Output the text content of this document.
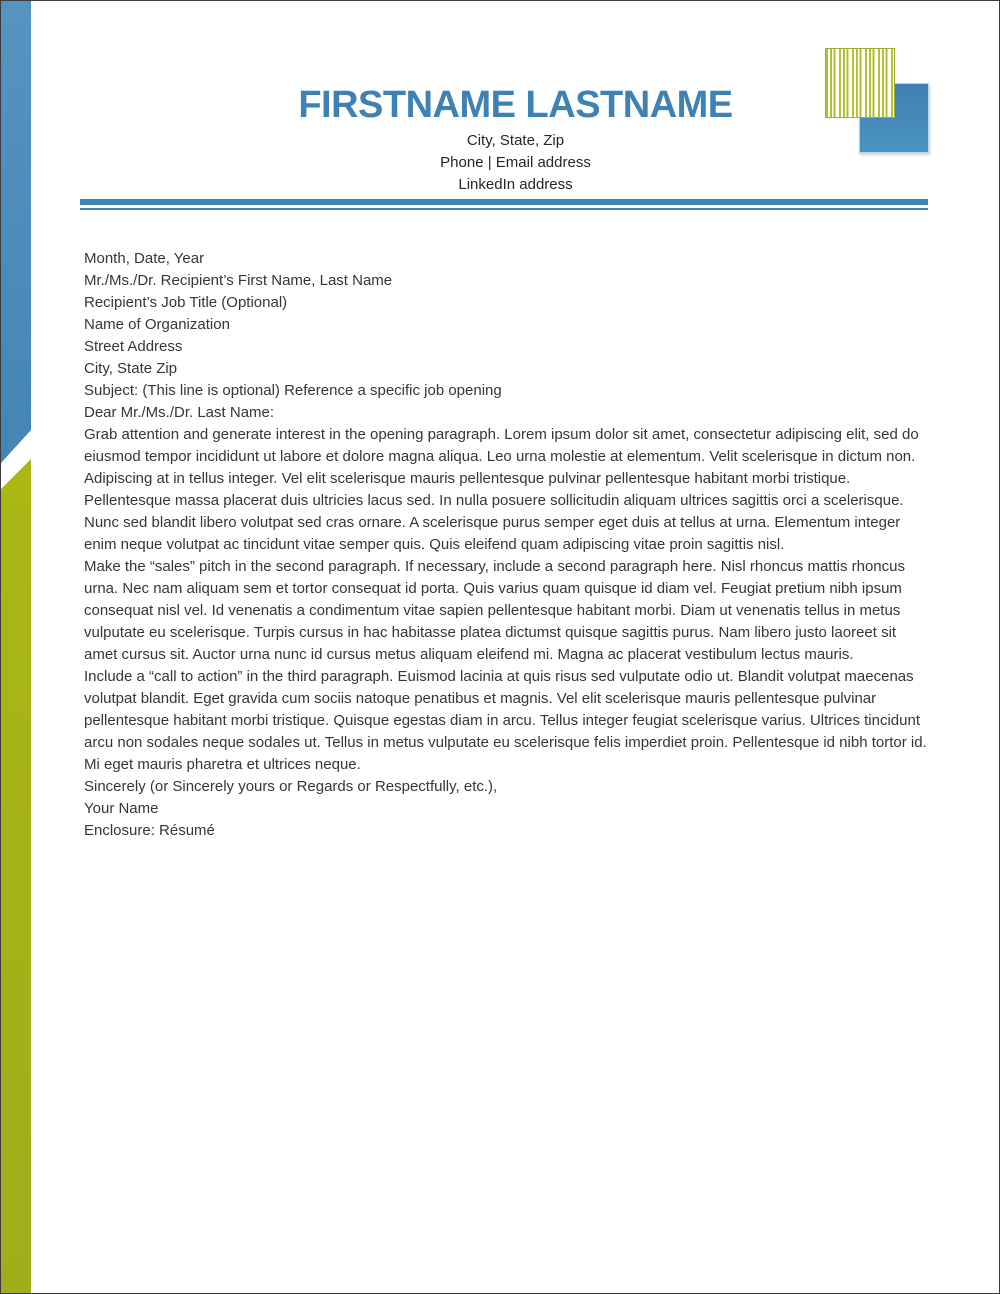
FIRSTNAME LASTNAME
City, State, Zip
Phone | Email address
LinkedIn address

Month, Date, Year

Mr./Ms./Dr. Recipient’s First Name, Last Name

Recipient’s Job Title (Optional)

Name of Organization

Street Address

City, State Zip

Subject: (This line is optional) Reference a specific job opening

Dear Mr./Ms./Dr. Last Name:

Grab attention and generate interest in the opening paragraph. Lorem ipsum dolor sit amet, consectetur adipiscing elit, sed do eiusmod tempor incididunt ut labore et dolore magna aliqua. Leo urna molestie at elementum. Velit scelerisque in dictum non. Adipiscing at in tellus integer. Vel elit scelerisque mauris pellentesque pulvinar pellentesque habitant morbi tristique. Pellentesque massa placerat duis ultricies lacus sed. In nulla posuere sollicitudin aliquam ultrices sagittis orci a scelerisque. Nunc sed blandit libero volutpat sed cras ornare. A scelerisque purus semper eget duis at tellus at urna. Elementum integer enim neque volutpat ac tincidunt vitae semper quis. Quis eleifend quam adipiscing vitae proin sagittis nisl.

Make the “sales” pitch in the second paragraph. If necessary, include a second paragraph here. Nisl rhoncus mattis rhoncus urna. Nec nam aliquam sem et tortor consequat id porta. Quis varius quam quisque id diam vel. Feugiat pretium nibh ipsum consequat nisl vel. Id venenatis a condimentum vitae sapien pellentesque habitant morbi. Diam ut venenatis tellus in metus vulputate eu scelerisque. Turpis cursus in hac habitasse platea dictumst quisque sagittis purus. Nam libero justo laoreet sit amet cursus sit. Auctor urna nunc id cursus metus aliquam eleifend mi. Magna ac placerat vestibulum lectus mauris.

Include a “call to action” in the third paragraph. Euismod lacinia at quis risus sed vulputate odio ut. Blandit volutpat maecenas volutpat blandit. Eget gravida cum sociis natoque penatibus et magnis. Vel elit scelerisque mauris pellentesque pulvinar pellentesque habitant morbi tristique. Quisque egestas diam in arcu. Tellus integer feugiat scelerisque varius. Ultrices tincidunt arcu non sodales neque sodales ut. Tellus in metus vulputate eu scelerisque felis imperdiet proin. Pellentesque id nibh tortor id. Mi eget mauris pharetra et ultrices neque.

Sincerely (or Sincerely yours or Regards or Respectfully, etc.),

Your Name

Enclosure: Résumé
